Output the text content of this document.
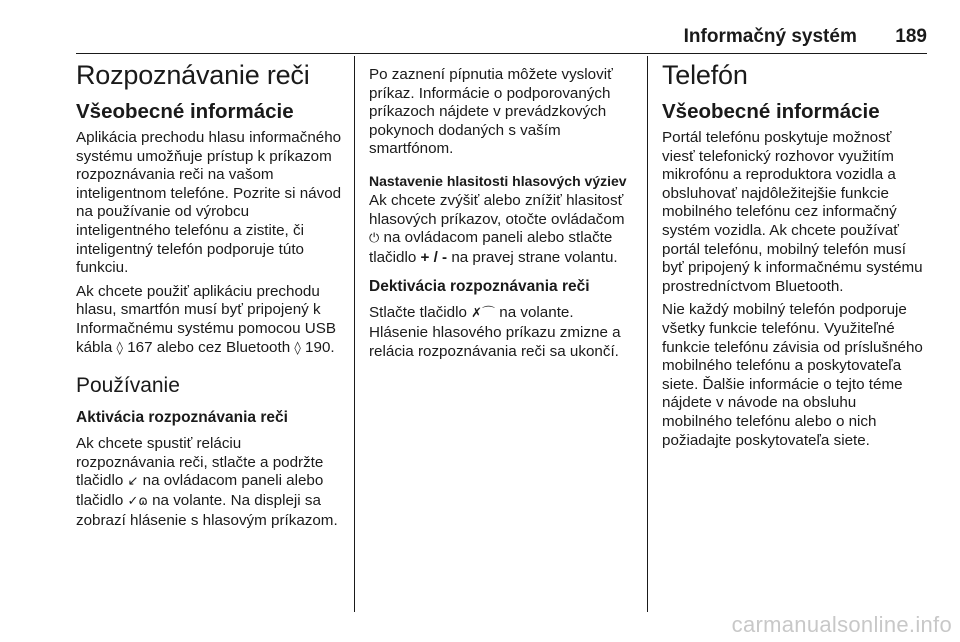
Informačný systém 189
Rozpoznávanie reči
Všeobecné informácie

Aplikácia prechodu hlasu informačného systému umožňuje prístup k príkazom rozpoznávania reči na vašom inteligentnom telefóne. Pozrite si návod na používanie od výrobcu inteligentného telefónu a zistite, či inteligentný telefón podporuje túto funkciu.

Ak chcete použiť aplikáciu prechodu hlasu, smartfón musí byť pripojený k Informačnému systému pomocou USB kábla ◊ 167 alebo cez Bluetooth ◊ 190.

Používanie
Aktivácia rozpoznávania reči

Ak chcete spustiť reláciu rozpoznávania reči, stlačte a podržte tlačidlo ↙ na ovládacom paneli alebo tlačidlo ✓ɷ na volante. Na displeji sa zobrazí hlásenie s hlasovým príkazom.

Po zaznení pípnutia môžete vysloviť príkaz. Informácie o podporovaných príkazoch nájdete v prevádzkových pokynoch dodaných s vaším smartfónom.

Nastavenie hlasitosti hlasových výziev

Ak chcete zvýšiť alebo znížiť hlasitosť hlasových príkazov, otočte ovládačom ⏻ na ovládacom paneli alebo stlačte tlačidlo + / - na pravej strane volantu.

Dektivácia rozpoznávania reči

Stlačte tlačidlo ✗⌒ na volante. Hlásenie hlasového príkazu zmizne a relácia rozpoznávania reči sa ukončí.

Telefón
Všeobecné informácie

Portál telefónu poskytuje možnosť viesť telefonický rozhovor využitím mikrofónu a reproduktora vozidla a obsluhovať najdôležitejšie funkcie mobilného telefónu cez informačný systém vozidla. Ak chcete používať portál telefónu, mobilný telefón musí byť pripojený k informačnému systému prostredníctvom Bluetooth.

Nie každý mobilný telefón podporuje všetky funkcie telefónu. Využiteľné funkcie telefónu závisia od príslušného mobilného telefónu a poskytovateľa siete. Ďalšie informácie o tejto téme nájdete v návode na obsluhu mobilného telefónu alebo o nich požiadajte poskytovateľa siete.

carmanualsonline.info
